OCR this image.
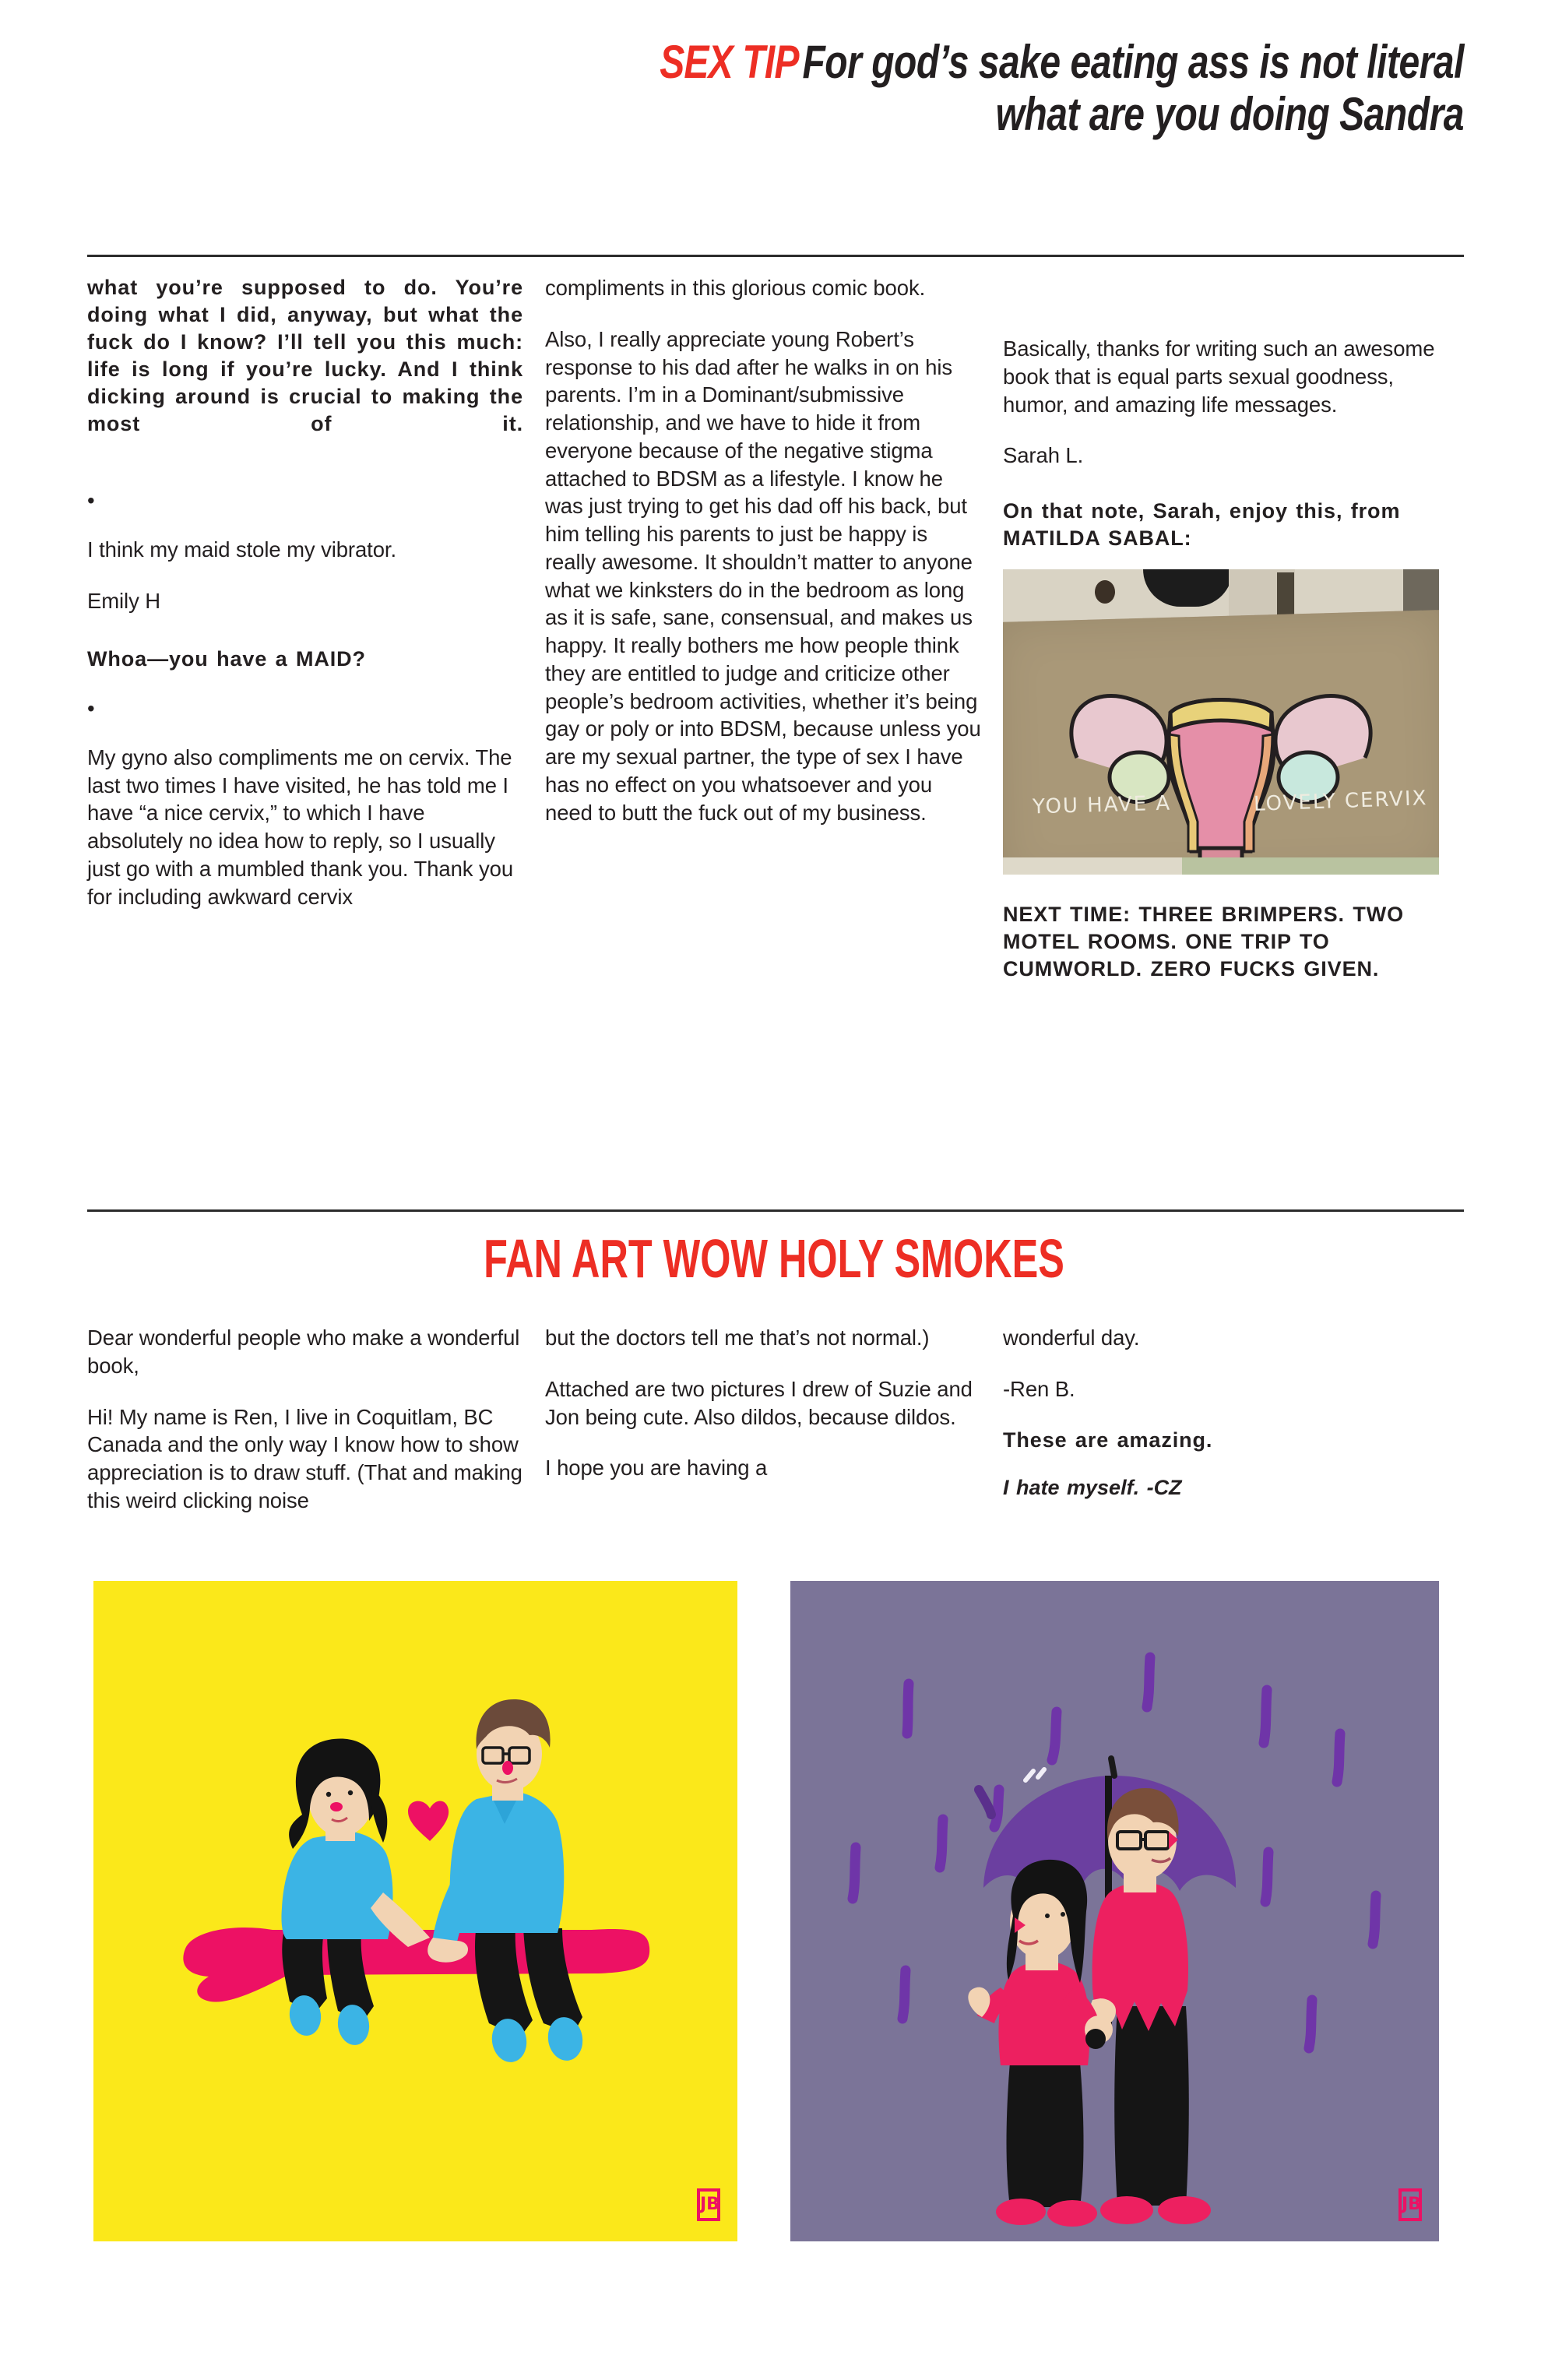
SEX TIPFor god’s sake eating ass is not literal
what are you doing Sandra

what you’re supposed to do. You’re doing what I did, anyway, but what the fuck do I know? I’ll tell you this much: life is long if you’re lucky. And I think dicking around is crucial to making the most of it.

•

I think my maid stole my vibrator.

Emily H

Whoa—you have a MAID?

•

My gyno also compliments me on cervix. The last two times I have visited, he has told me I have “a nice cervix,” to which I have absolutely no idea how to reply, so I usually just go with a mumbled thank you. Thank you for including awkward cervix

compliments in this glorious comic book.

Also, I really appreciate young Robert’s response to his dad after he walks in on his parents. I’m in a Dominant/submissive relationship, and we have to hide it from everyone because of the negative stigma attached to BDSM as a lifestyle. I know he was just trying to get his dad off his back, but him telling his parents to just be happy is really awesome. It shouldn’t matter to anyone what we kinksters do in the bedroom as long as it is safe, sane, consensual, and makes us happy. It really bothers me how people think they are entitled to judge and criticize other people’s bedroom activities, whether it’s being gay or poly or into BDSM, because unless you are my sexual partner, the type of sex I have has no effect on you whatsoever and you need to butt the fuck out of my business.

Basically, thanks for writing such an awesome book that is equal parts sexual goodness, humor, and amazing life messages.

Sarah L.

On that note, Sarah, enjoy this, from MATILDA SABAL:

YOU HAVE A	LOVELY CERVIX

NEXT TIME: THREE BRIMPERS. TWO MOTEL ROOMS. ONE TRIP TO CUMWORLD. ZERO FUCKS GIVEN.

FAN ART WOW HOLY SMOKES

Dear wonderful people who make a wonderful book,

Hi! My name is Ren, I live in Coquitlam, BC Canada and the only way I know how to show appreciation is to draw stuff. (That and making this weird clicking noise

but the doctors tell me that’s not normal.)

Attached are two pictures I drew of Suzie and Jon being cute. Also dildos, because dildos.

I hope you are having a

wonderful day.

-Ren B.

These are amazing.

I hate myself. -CZ

JB	JB
